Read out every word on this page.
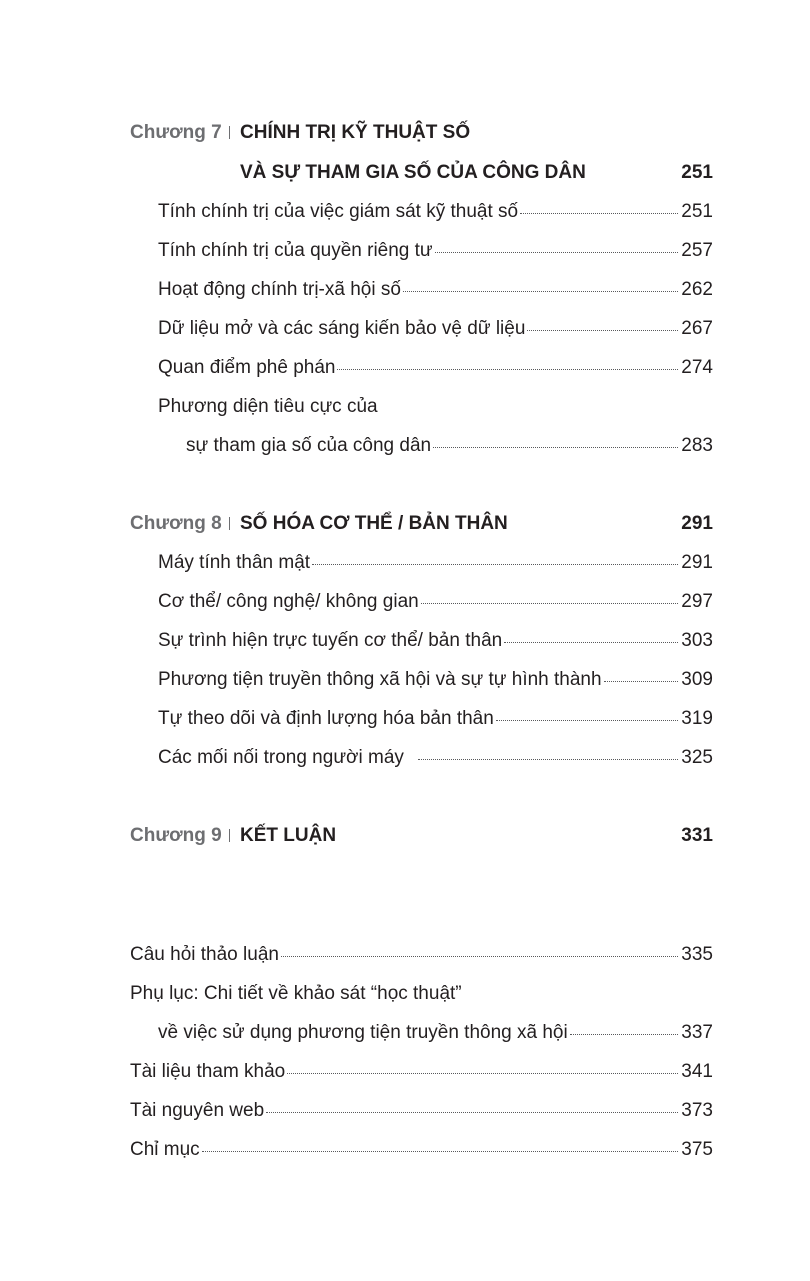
Chương 7 CHÍNH TRỊ KỸ THUẬT SỐ
VÀ SỰ THAM GIA SỐ CỦA CÔNG DÂN	251
Tính chính trị của việc giám sát kỹ thuật số	251
Tính chính trị của quyền riêng tư	257
Hoạt động chính trị-xã hội số	262
Dữ liệu mở và các sáng kiến bảo vệ dữ liệu	267
Quan điểm phê phán	274
Phương diện tiêu cực của
sự tham gia số của công dân	283
Chương 8 SỐ HÓA CƠ THỂ / BẢN THÂN	291
Máy tính thân mật	291
Cơ thể/ công nghệ/ không gian	297
Sự trình hiện trực tuyến cơ thể/ bản thân	303
Phương tiện truyền thông xã hội và sự tự hình thành	309
Tự theo dõi và định lượng hóa bản thân	319
Các mối nối trong người máy	325
Chương 9 KẾT LUẬN	331
Câu hỏi thảo luận	335
Phụ lục: Chi tiết về khảo sát “học thuật”
về việc sử dụng phương tiện truyền thông xã hội	337
Tài liệu tham khảo	341
Tài nguyên web	373
Chỉ mục	375
